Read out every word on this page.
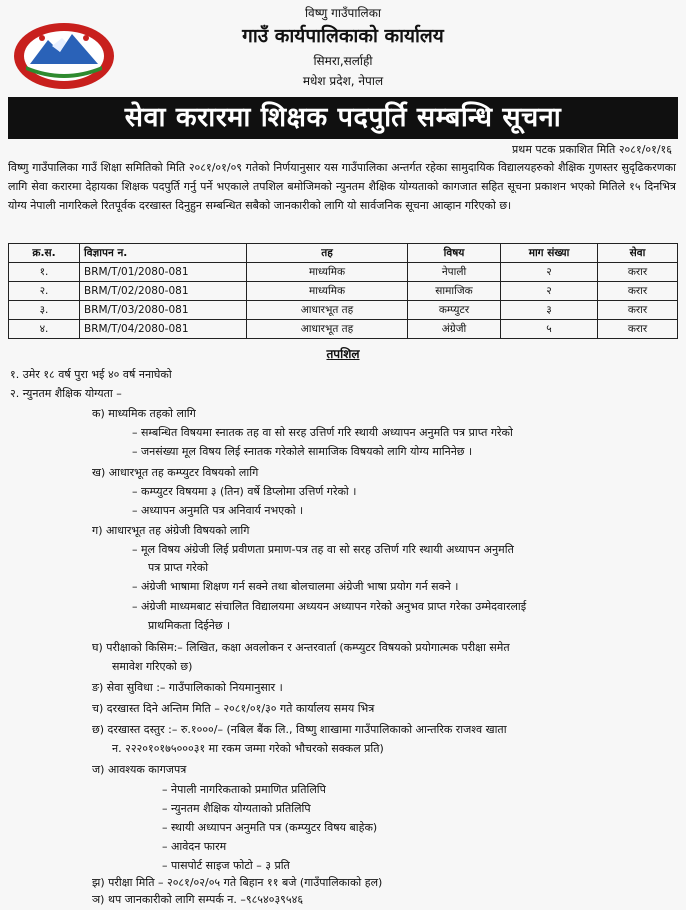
विष्णु गाउँपालिका
गाउँ कार्यपालिकाको कार्यालय
सिमरा,सर्लाही
मधेश प्रदेश, नेपाल
सेवा करारमा शिक्षक पदपुर्ति सम्बन्धि सूचना
प्रथम पटक प्रकाशित मिति २०८१/०१/१६
विष्णु गाउँपालिका गाउँ शिक्षा समितिको मिति २०८१/०१/०९ गतेको निर्णयानुसार यस गाउँपालिका अन्तर्गत रहेका सामुदायिक विद्यालयहरुको शैक्षिक गुणस्तर सुदृढिकरणका लागि सेवा करारमा देहायका शिक्षक पदपुर्ति गर्नु पर्ने भएकाले तपशिल बमोजिमको न्युनतम शैक्षिक योग्यताको कागजात सहित सूचना प्रकाशन भएको मितिले १५ दिनभित्र योग्य नेपाली नागरिकले रितपूर्वक दरखास्त दिनुहुन सम्बन्धित सबैको जानकारीको लागि यो सार्वजनिक सूचना आव्हान गरिएको छ।
क्र.स.	विज्ञापन न.	तह	विषय	माग संख्या	सेवा
१.	BRM/T/01/2080-081	माध्यमिक	नेपाली	२	करार
२.	BRM/T/02/2080-081	माध्यमिक	सामाजिक	२	करार
३.	BRM/T/03/2080-081	आधारभूत तह	कम्प्युटर	३	करार
४.	BRM/T/04/2080-081	आधारभूत तह	अंग्रेजी	५	करार
तपशिल
१. उमेर १८ वर्ष पुरा भई ४० वर्ष ननाघेको
२. न्युनतम शैक्षिक योग्यता –
क) माध्यमिक तहको लागि
– सम्बन्धित विषयमा स्नातक तह वा सो सरह उत्तिर्ण गरि स्थायी अध्यापन अनुमति पत्र प्राप्त गरेको
– जनसंख्या मूल विषय लिई स्नातक गरेकोले सामाजिक विषयको लागि योग्य मानिनेछ ।
ख) आधारभूत तह कम्प्युटर विषयको लागि
– कम्प्युटर विषयमा ३ (तिन) वर्षे डिप्लोमा उत्तिर्ण गरेको ।
– अध्यापन अनुमति पत्र अनिवार्य नभएको ।
ग) आधारभूत तह अंग्रेजी विषयको लागि
– मूल विषय अंग्रेजी लिई प्रवीणता प्रमाण-पत्र तह वा सो सरह उत्तिर्ण गरि स्थायी अध्यापन अनुमति
पत्र प्राप्त गरेको
– अंग्रेजी भाषामा शिक्षण गर्न सक्ने तथा बोलचालमा अंग्रेजी भाषा प्रयोग गर्न सक्ने ।
– अंग्रेजी माध्यमबाट संचालित विद्यालयमा अध्ययन अध्यापन गरेको अनुभव प्राप्त गरेका उम्मेदवारलाई
प्राथमिकता दिईनेछ ।
घ) परीक्षाको किसिम:– लिखित, कक्षा अवलोकन र अन्तरवार्ता (कम्प्युटर विषयको प्रयोगात्मक परीक्षा समेत
समावेश गरिएको छ)
ङ) सेवा सुविधा :– गाउँपालिकाको नियमानुसार ।
च) दरखास्त दिने अन्तिम मिति – २०८१/०१/३० गते कार्यालय समय भित्र
छ) दरखास्त दस्तुर :– रु.१०००/– (नबिल बैंक लि., विष्णु शाखामा गाउँपालिकाको आन्तरिक राजश्व खाता
न. २२२०१०१७५०००३१ मा रकम जम्मा गरेको भौचरको सक्कल प्रति)
ज) आवश्यक कागजपत्र
– नेपाली नागरिकताको प्रमाणित प्रतिलिपि
– न्युनतम शैक्षिक योग्यताको प्रतिलिपि
– स्थायी अध्यापन अनुमति पत्र (कम्प्युटर विषय बाहेक)
– आवेदन फारम
– पासपोर्ट साइज फोटो – ३ प्रति
झ) परीक्षा मिति – २०८१/०२/०५ गते बिहान ११ बजे (गाउँपालिकाको हल)
ञ) थप जानकारीको लागि सम्पर्क न. –९८५४०३९५४६
